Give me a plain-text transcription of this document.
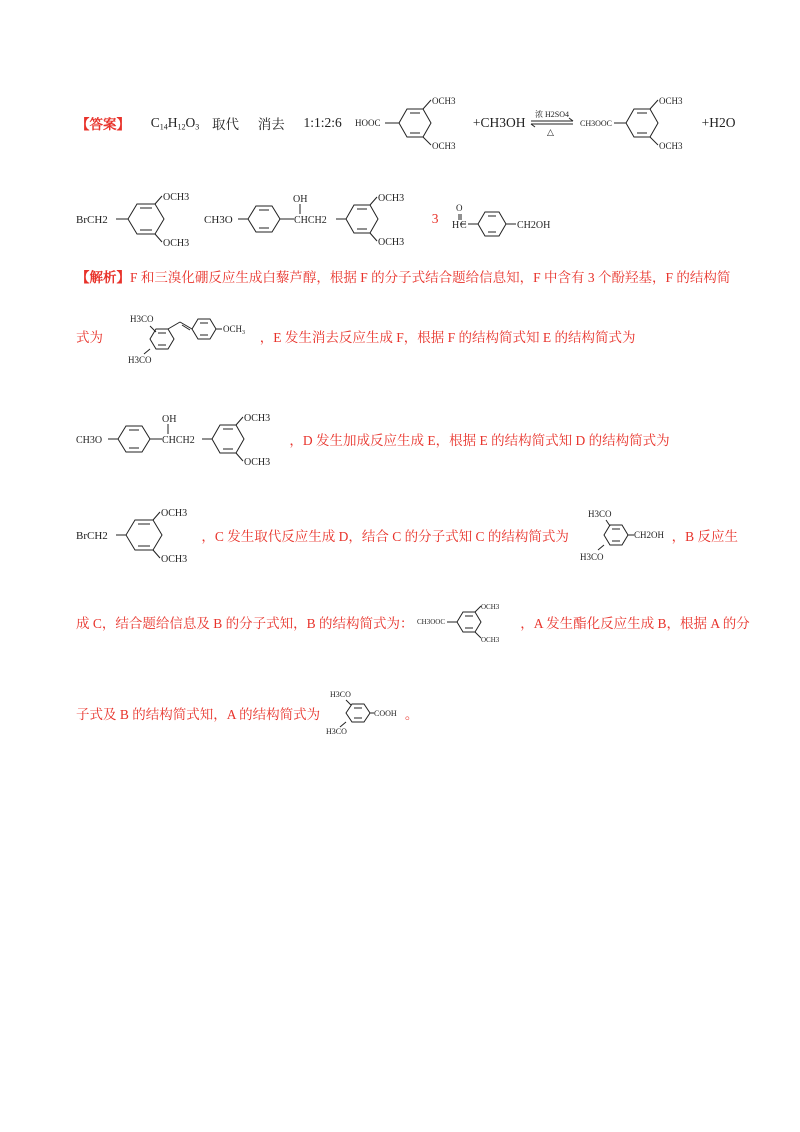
【答案】 $C_{14}H_{12}O_3$ 取代 消去 1:1:2:6 HOOC
OCH3
OCH3
+CH3OH
浓 H2SO4
△

CH3OOC
OCH3
OCH3
+H2O
BrCH2
OCH3
OCH3

CH3O
OH
CHCH2
OCH3
OCH3
3
O
H C	CH2OH
【解析】F 和三溴化硼反应生成白藜芦醇，根据 F 的分子式结合题给信息知，F 中含有 3 个酚羟基，F 的结构简
式为
H3CO
H3CO
$OCH_3$ ，E 发生消去反应生成 F，根据 F 的结构简式知 E 的结构简式为
CH3O
OH
CHCH2
OCH3
OCH3
，D 发生加成反应生成 E，根据 E 的结构简式知 D 的结构简式为
BrCH2
OCH3
OCH3
，C 发生取代反应生成 D，结合 C 的分子式知 C 的结构简式为
H3CO
H3CO
CH2OH ，B 反应生
成 C，结合题给信息及 B 的分子式知，B 的结构简式为： CH3OOC
OCH3
OCH3
，A 发生酯化反应生成 B，根据 A 的分
子式及 B 的结构简式知，A 的结构简式为
H3CO
H3CO
COOH 。
